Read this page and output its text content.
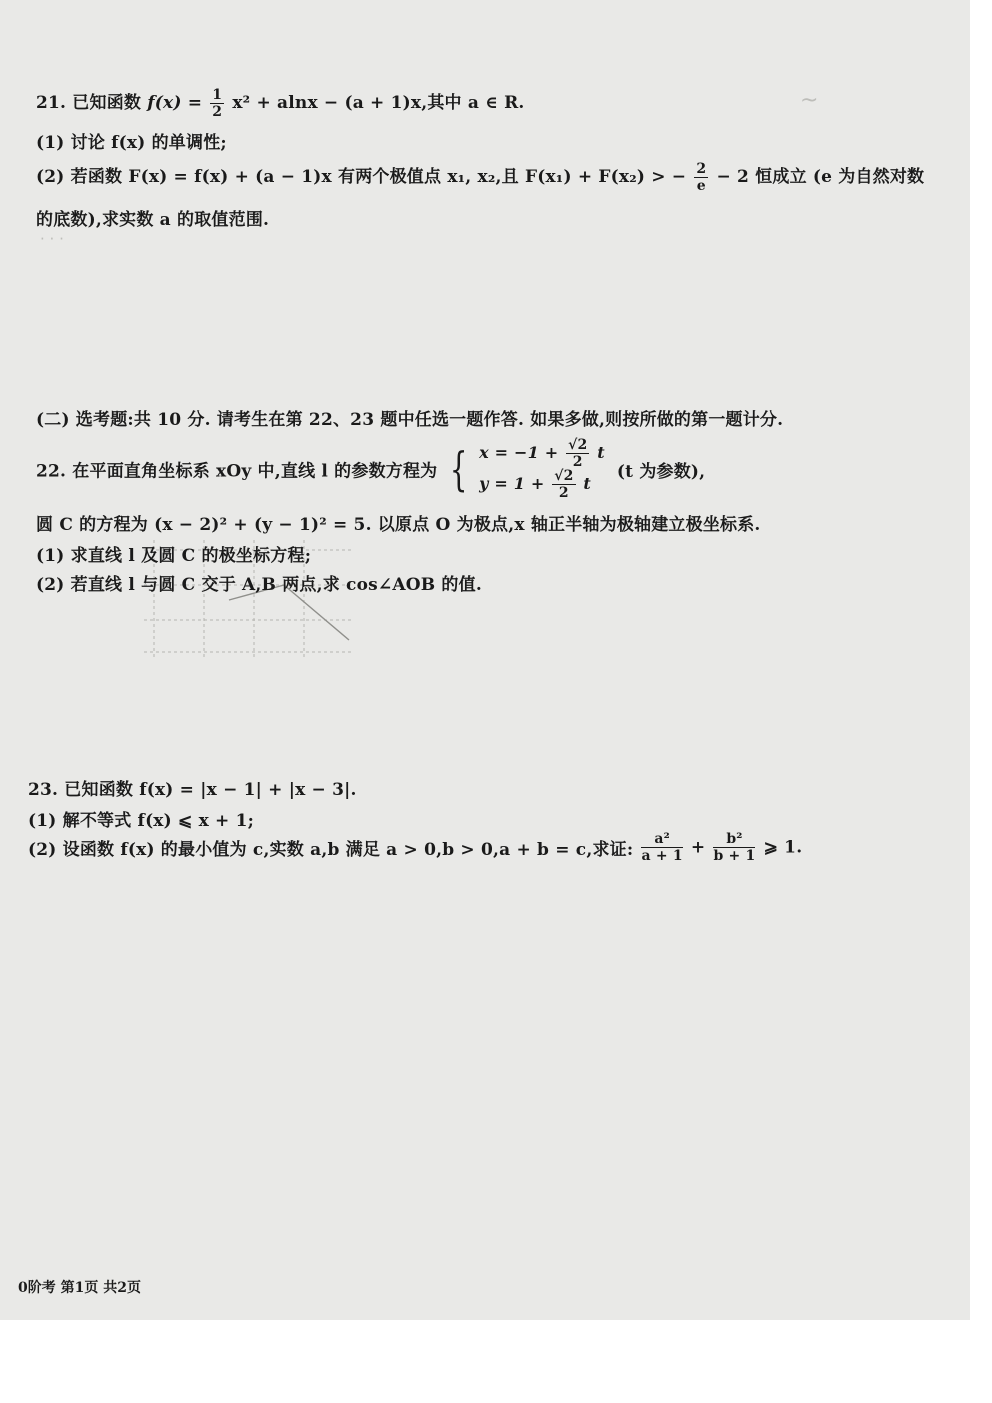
~
· · ·
21. 已知函数 $f(x) = \frac{1}{2} x^2 + alnx - (a + 1)x$,其中 a ∈ R.
(1) 讨论 f(x) 的单调性;
(2) 若函数 F(x) = f(x) + (a − 1)x 有两个极值点 x₁, x₂,且 F(x₁) + F(x₂) > − $\frac{2}{e} - 2$ 恒成立 (e 为自然对数
的底数),求实数 a 的取值范围.
(二) 选考题:共 10 分. 请考生在第 22、23 题中任选一题作答. 如果多做,则按所做的第一题计分.
22. 在平面直角坐标系 xOy 中,直线 l 的参数方程为 { $x = -1 + \frac{√2}{2}$ t
$y = 1 + \frac{√2}{2}$ t
(t 为参数),
圆 C 的方程为 (x − 2)² + (y − 1)² = 5. 以原点 O 为极点,x 轴正半轴为极轴建立极坐标系.
(1) 求直线 l 及圆 C 的极坐标方程;
(2) 若直线 l 与圆 C 交于 A,B 两点,求 cos∠AOB 的值.
23. 已知函数 f(x) = |x − 1| + |x − 3|.
(1) 解不等式 f(x) ⩽ x + 1;
(2) 设函数 f(x) 的最小值为 c,实数 a,b 满足 a > 0,b > 0,a + b = c,求证: $\frac{\text{a²}}{a + 1} + \frac{\text{b²}}{b + 1}$ ⩾ 1.
0阶考 第1页 共2页
